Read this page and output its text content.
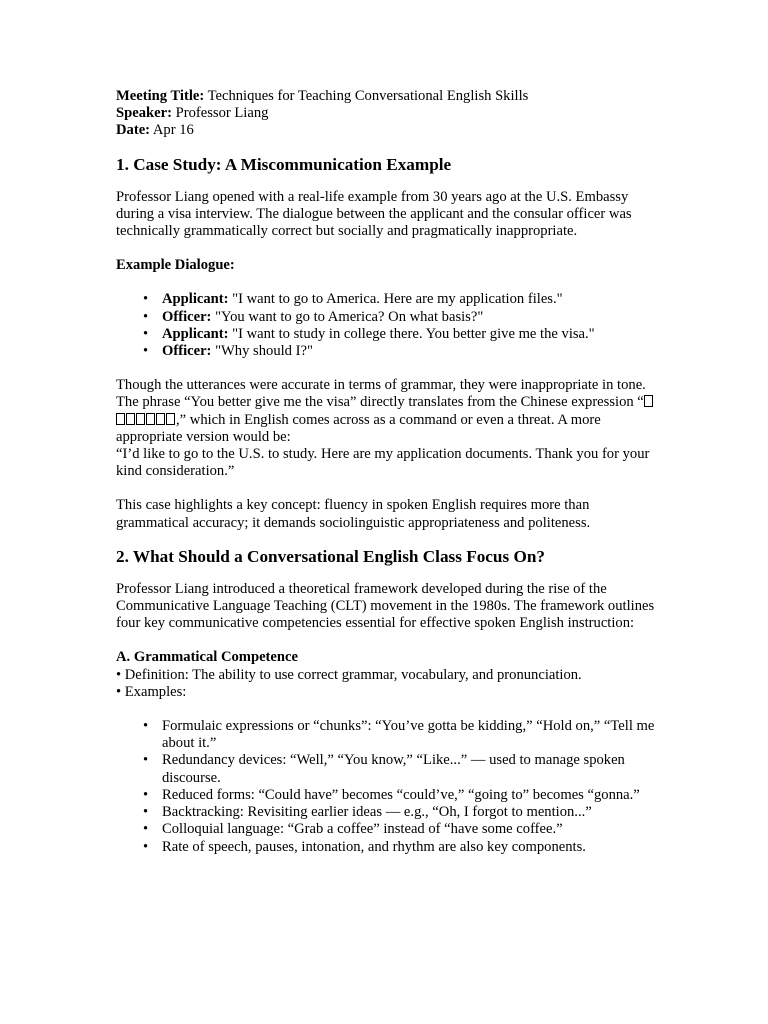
Meeting Title: Techniques for Teaching Conversational English Skills

Speaker: Professor Liang

Date: Apr 16

1. Case Study: A Miscommunication Example

Professor Liang opened with a real-life example from 30 years ago at the U.S. Embassy during a visa interview. The dialogue between the applicant and the consular officer was technically grammatically correct but socially and pragmatically inappropriate.

Example Dialogue:

• Applicant: "I want to go to America. Here are my application files."
• Officer: "You want to go to America? On what basis?"
• Applicant: "I want to study in college there. You better give me the visa."
• Officer: "Why should I?"

Though the utterances were accurate in terms of grammar, they were inappropriate in tone. The phrase “You better give me the visa” directly translates from the Chinese expression “,” which in English comes across as a command or even a threat. A more appropriate version would be:

“I’d like to go to the U.S. to study. Here are my application documents. Thank you for your kind consideration.”

This case highlights a key concept: fluency in spoken English requires more than grammatical accuracy; it demands sociolinguistic appropriateness and politeness.

2. What Should a Conversational English Class Focus On?

Professor Liang introduced a theoretical framework developed during the rise of the Communicative Language Teaching (CLT) movement in the 1980s. The framework outlines four key communicative competencies essential for effective spoken English instruction:

A. Grammatical Competence

• Definition: The ability to use correct grammar, vocabulary, and pronunciation.

• Examples:

• Formulaic expressions or “chunks”: “You’ve gotta be kidding,” “Hold on,” “Tell me about it.”
• Redundancy devices: “Well,” “You know,” “Like...” — used to manage spoken discourse.
• Reduced forms: “Could have” becomes “could’ve,” “going to” becomes “gonna.”
• Backtracking: Revisiting earlier ideas — e.g., “Oh, I forgot to mention...”
• Colloquial language: “Grab a coffee” instead of “have some coffee.”
• Rate of speech, pauses, intonation, and rhythm are also key components.
